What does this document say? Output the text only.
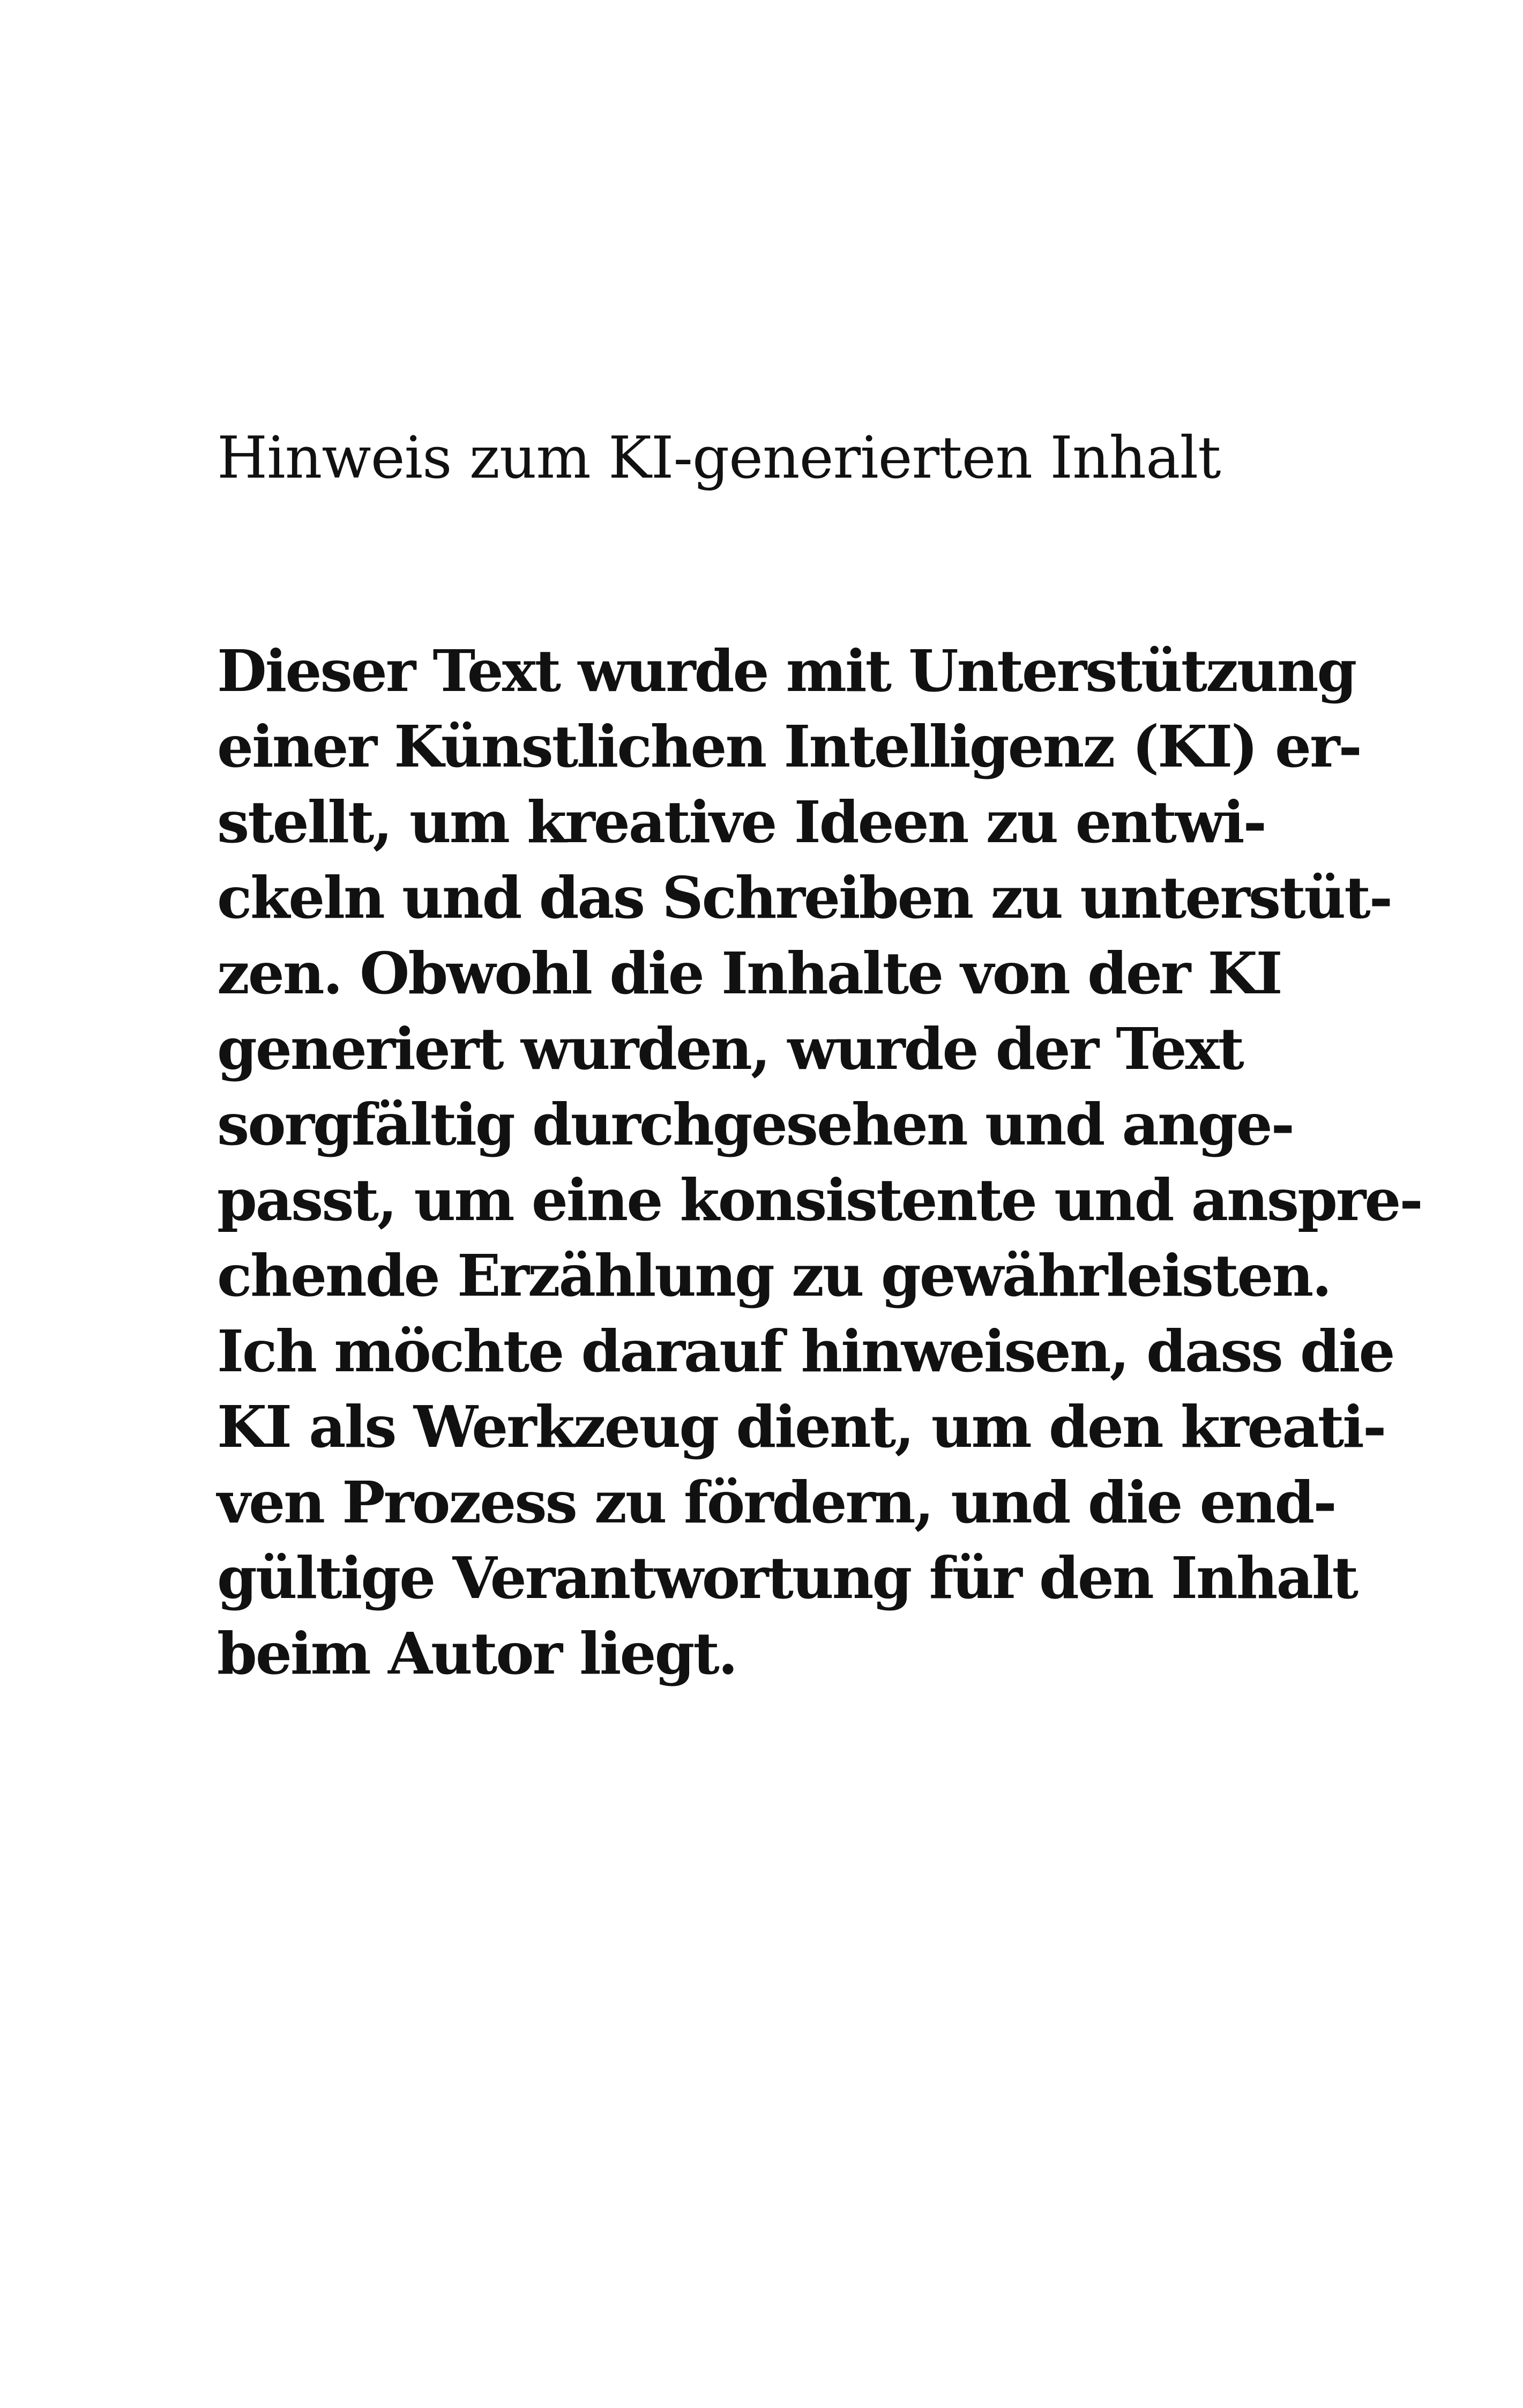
Hinweis zum KI-generierten Inhalt
Dieser Text wurde mit Unterstützung
einer Künstlichen Intelligenz (KI) er-
stellt, um kreative Ideen zu entwi-
ckeln und das Schreiben zu unterstüt-
zen. Obwohl die Inhalte von der KI
generiert wurden, wurde der Text
sorgfältig durchgesehen und ange-
passt, um eine konsistente und anspre-
chende Erzählung zu gewährleisten.
Ich möchte darauf hinweisen, dass die
KI als Werkzeug dient, um den kreati-
ven Prozess zu fördern, und die end-
gültige Verantwortung für den Inhalt
beim Autor liegt.
